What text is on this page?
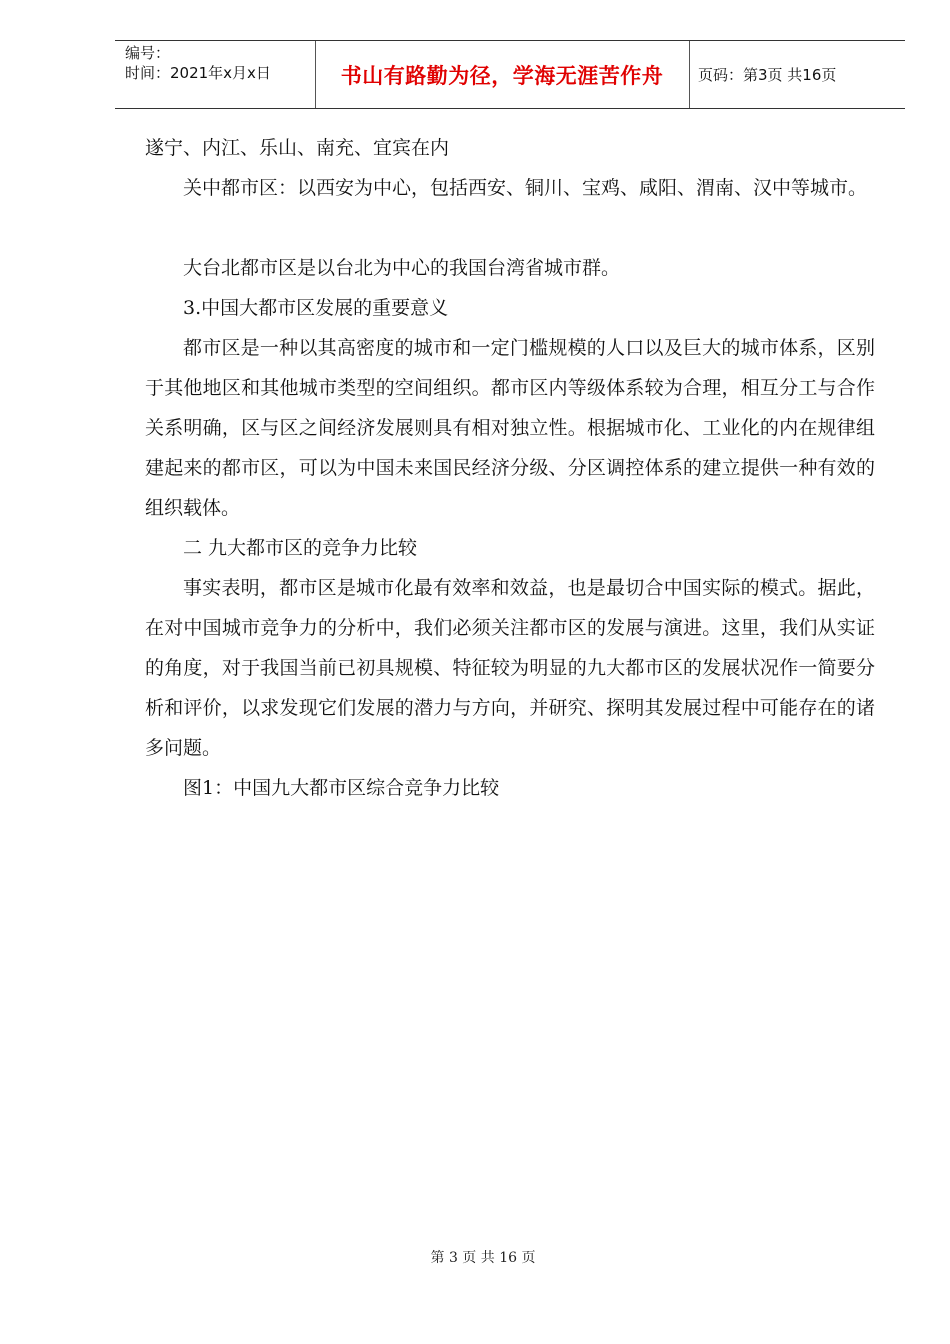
编号：
时间：2021年x月x日	书山有路勤为径，学海无涯苦作舟 页码：第3页 共16页

遂宁、内江、乐山、南充、宜宾在内

关中都市区：以西安为中心，包括西安、铜川、宝鸡、咸阳、渭南、汉中等城市。

大台北都市区是以台北为中心的我国台湾省城市群。

3.中国大都市区发展的重要意义

都市区是一种以其高密度的城市和一定门槛规模的人口以及巨大的城市体系，区别于其他地区和其他城市类型的空间组织。都市区内等级体系较为合理，相互分工与合作关系明确，区与区之间经济发展则具有相对独立性。根据城市化、工业化的内在规律组建起来的都市区，可以为中国未来国民经济分级、分区调控体系的建立提供一种有效的组织载体。

二 九大都市区的竞争力比较

事实表明，都市区是城市化最有效率和效益，也是最切合中国实际的模式。据此，在对中国城市竞争力的分析中，我们必须关注都市区的发展与演进。这里，我们从实证的角度，对于我国当前已初具规模、特征较为明显的九大都市区的发展状况作一简要分析和评价，以求发现它们发展的潜力与方向，并研究、探明其发展过程中可能存在的诸多问题。

图1：中国九大都市区综合竞争力比较

第 3 页 共 16 页
